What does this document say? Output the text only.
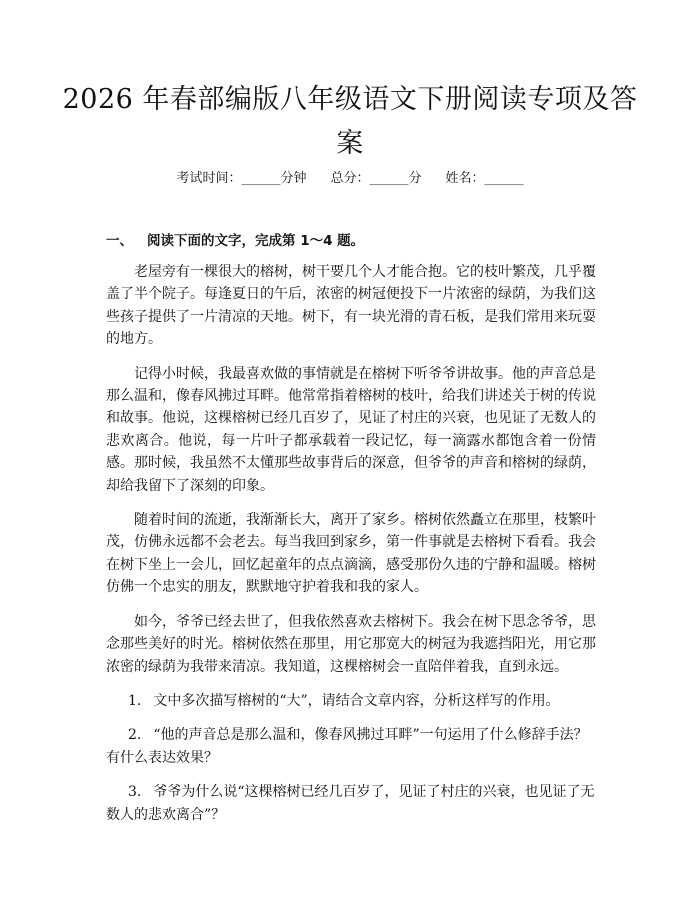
2026 年春部编版八年级语文下册阅读专项及答案
考试时间：______分钟 总分：______分 姓名：______
一、 阅读下面的文字，完成第 1～4 题。

老屋旁有一棵很大的榕树，树干要几个人才能合抱。它的枝叶繁茂，几乎覆盖了半个院子。每逢夏日的午后，浓密的树冠便投下一片浓密的绿荫，为我们这些孩子提供了一片清凉的天地。树下，有一块光滑的青石板，是我们常用来玩耍的地方。

记得小时候，我最喜欢做的事情就是在榕树下听爷爷讲故事。他的声音总是那么温和，像春风拂过耳畔。他常常指着榕树的枝叶，给我们讲述关于树的传说和故事。他说，这棵榕树已经几百岁了，见证了村庄的兴衰，也见证了无数人的悲欢离合。他说，每一片叶子都承载着一段记忆，每一滴露水都饱含着一份情感。那时候，我虽然不太懂那些故事背后的深意，但爷爷的声音和榕树的绿荫，却给我留下了深刻的印象。

随着时间的流逝，我渐渐长大，离开了家乡。榕树依然矗立在那里，枝繁叶茂，仿佛永远都不会老去。每当我回到家乡，第一件事就是去榕树下看看。我会在树下坐上一会儿，回忆起童年的点点滴滴，感受那份久违的宁静和温暖。榕树仿佛一个忠实的朋友，默默地守护着我和我的家人。

如今，爷爷已经去世了，但我依然喜欢去榕树下。我会在树下思念爷爷，思念那些美好的时光。榕树依然在那里，用它那宽大的树冠为我遮挡阳光，用它那浓密的绿荫为我带来清凉。我知道，这棵榕树会一直陪伴着我，直到永远。

1. 文中多次描写榕树的“大”，请结合文章内容，分析这样写的作用。

2. “他的声音总是那么温和，像春风拂过耳畔”一句运用了什么修辞手法？有什么表达效果？

3. 爷爷为什么说“这棵榕树已经几百岁了，见证了村庄的兴衰，也见证了无数人的悲欢离合”？
